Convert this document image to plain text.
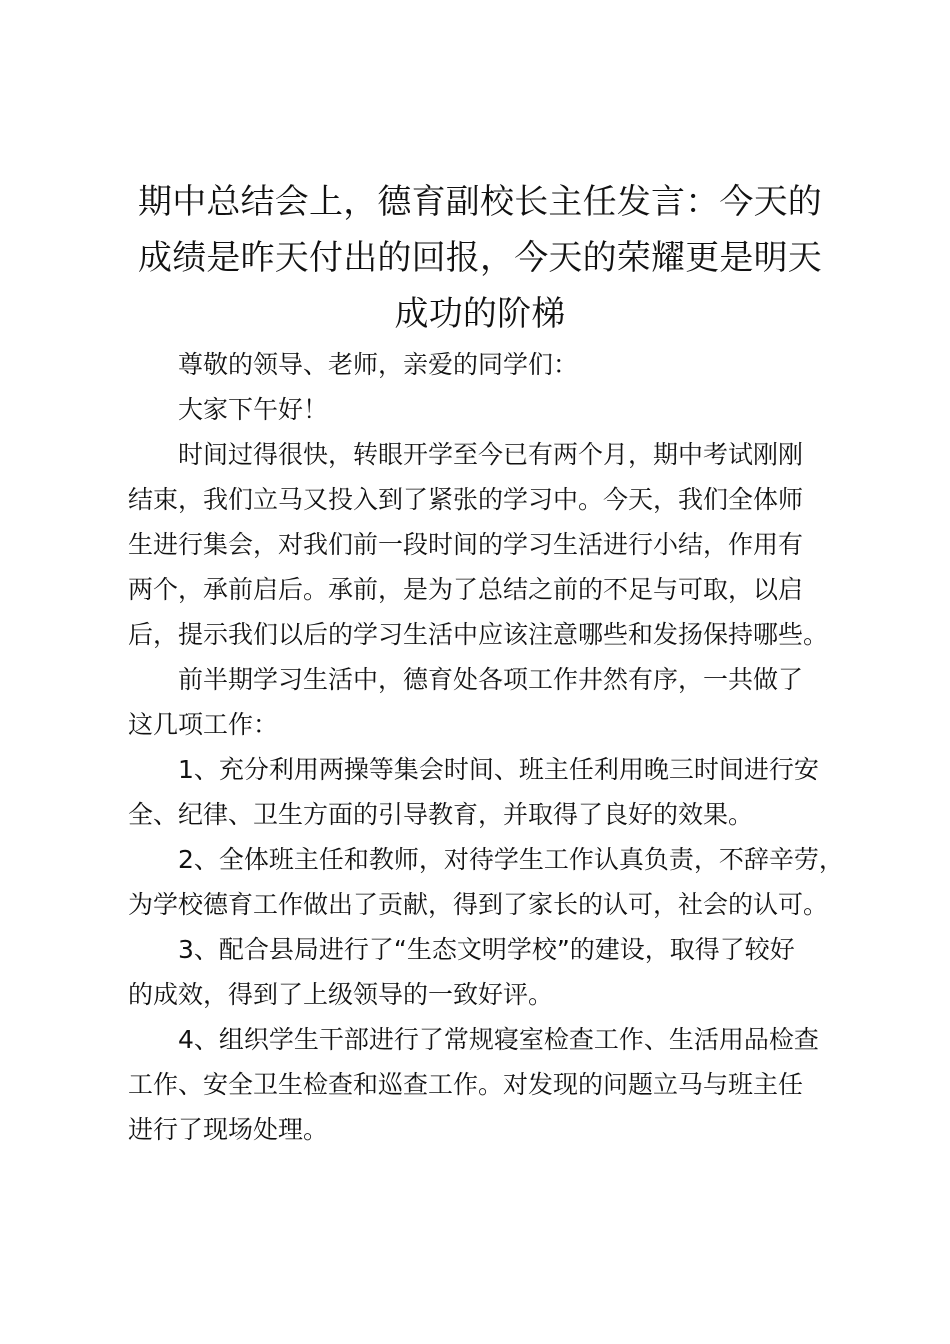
期中总结会上，德育副校长主任发言：今天的
成绩是昨天付出的回报，今天的荣耀更是明天
成功的阶梯

尊敬的领导、老师，亲爱的同学们：

大家下午好！

时间过得很快，转眼开学至今已有两个月，期中考试刚刚
结束，我们立马又投入到了紧张的学习中。今天，我们全体师
生进行集会，对我们前一段时间的学习生活进行小结，作用有
两个，承前启后。承前，是为了总结之前的不足与可取，以启
后，提示我们以后的学习生活中应该注意哪些和发扬保持哪些。

前半期学习生活中，德育处各项工作井然有序，一共做了
这几项工作：

1、充分利用两操等集会时间、班主任利用晚三时间进行安
全、纪律、卫生方面的引导教育，并取得了良好的效果。

2、全体班主任和教师，对待学生工作认真负责，不辞辛劳，
为学校德育工作做出了贡献，得到了家长的认可，社会的认可。

3、配合县局进行了“生态文明学校”的建设，取得了较好
的成效，得到了上级领导的一致好评。

4、组织学生干部进行了常规寝室检查工作、生活用品检查
工作、安全卫生检查和巡查工作。对发现的问题立马与班主任
进行了现场处理。
